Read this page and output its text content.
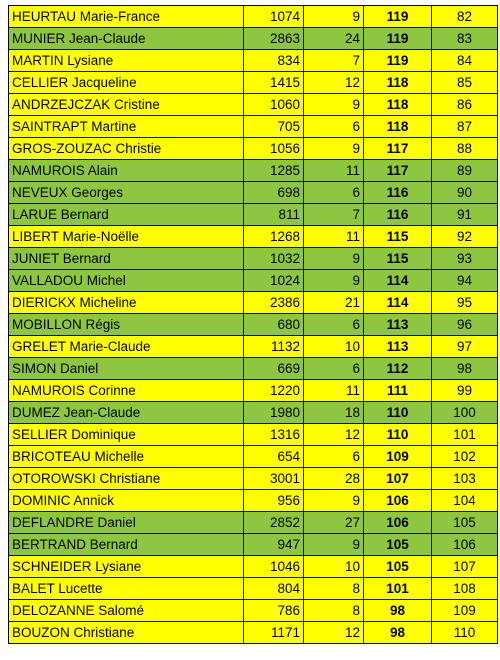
HEURTAU Marie-France	1074	9	119	82
MUNIER Jean-Claude	2863	24	119	83
MARTIN Lysiane	834	7	119	84
CELLIER Jacqueline	1415	12	118	85
ANDRZEJCZAK Cristine	1060	9	118	86
SAINTRAPT Martine	705	6	118	87
GROS-ZOUZAC Christie	1056	9	117	88
NAMUROIS Alain	1285	11	117	89
NEVEUX Georges	698	6	116	90
LARUE Bernard	811	7	116	91
LIBERT Marie-Noëlle	1268	11	115	92
JUNIET Bernard	1032	9	115	93
VALLADOU Michel	1024	9	114	94
DIERICKX Micheline	2386	21	114	95
MOBILLON Régis	680	6	113	96
GRELET Marie-Claude	1132	10	113	97
SIMON Daniel	669	6	112	98
NAMUROIS Corinne	1220	11	111	99
DUMEZ Jean-Claude	1980	18	110	100
SELLIER Dominique	1316	12	110	101
BRICOTEAU Michelle	654	6	109	102
OTOROWSKI Christiane	3001	28	107	103
DOMINIC Annick	956	9	106	104
DEFLANDRE Daniel	2852	27	106	105
BERTRAND Bernard	947	9	105	106
SCHNEIDER Lysiane	1046	10	105	107
BALET Lucette	804	8	101	108
DELOZANNE Salomé	786	8	98	109
BOUZON Christiane	1171	12	98	110
